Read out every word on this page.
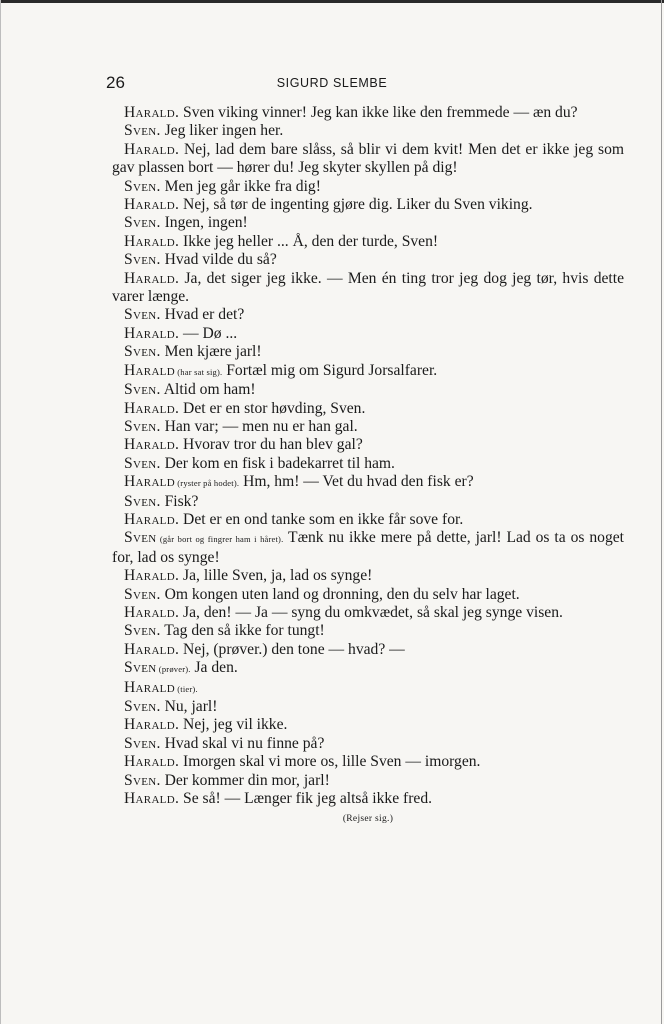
26	SIGURD SLEMBE

Harald. Sven viking vinner! Jeg kan ikke like den fremmede — æn du?

Sven. Jeg liker ingen her.

Harald. Nej, lad dem bare slåss, så blir vi dem kvit! Men det er ikke jeg som gav plassen bort — hører du! Jeg skyter skyllen på dig!

Sven. Men jeg går ikke fra dig!

Harald. Nej, så tør de ingenting gjøre dig. Liker du Sven viking.

Sven. Ingen, ingen!

Harald. Ikke jeg heller ... Å, den der turde, Sven!

Sven. Hvad vilde du så?

Harald. Ja, det siger jeg ikke. — Men én ting tror jeg dog jeg tør, hvis dette varer længe.

Sven. Hvad er det?

Harald. — Dø ...

Sven. Men kjære jarl!

Harald (har sat sig). Fortæl mig om Sigurd Jorsalfarer.

Sven. Altid om ham!

Harald. Det er en stor høvding, Sven.

Sven. Han var; — men nu er han gal.

Harald. Hvorav tror du han blev gal?

Sven. Der kom en fisk i badekarret til ham.

Harald (ryster på hodet). Hm, hm! — Vet du hvad den fisk er?

Sven. Fisk?

Harald. Det er en ond tanke som en ikke får sove for.

Sven (går bort og fingrer ham i håret). Tænk nu ikke mere på dette, jarl! Lad os ta os noget for, lad os synge!

Harald. Ja, lille Sven, ja, lad os synge!

Sven. Om kongen uten land og dronning, den du selv har laget.

Harald. Ja, den! — Ja — syng du omkvædet, så skal jeg synge visen.

Sven. Tag den så ikke for tungt!

Harald. Nej, (prøver.) den tone — hvad? —

Sven (prøver). Ja den.

Harald (tier).

Sven. Nu, jarl!

Harald. Nej, jeg vil ikke.

Sven. Hvad skal vi nu finne på?

Harald. Imorgen skal vi more os, lille Sven — imorgen.

Sven. Der kommer din mor, jarl!

Harald. Se så! — Længer fik jeg altså ikke fred.

(Rejser sig.)
